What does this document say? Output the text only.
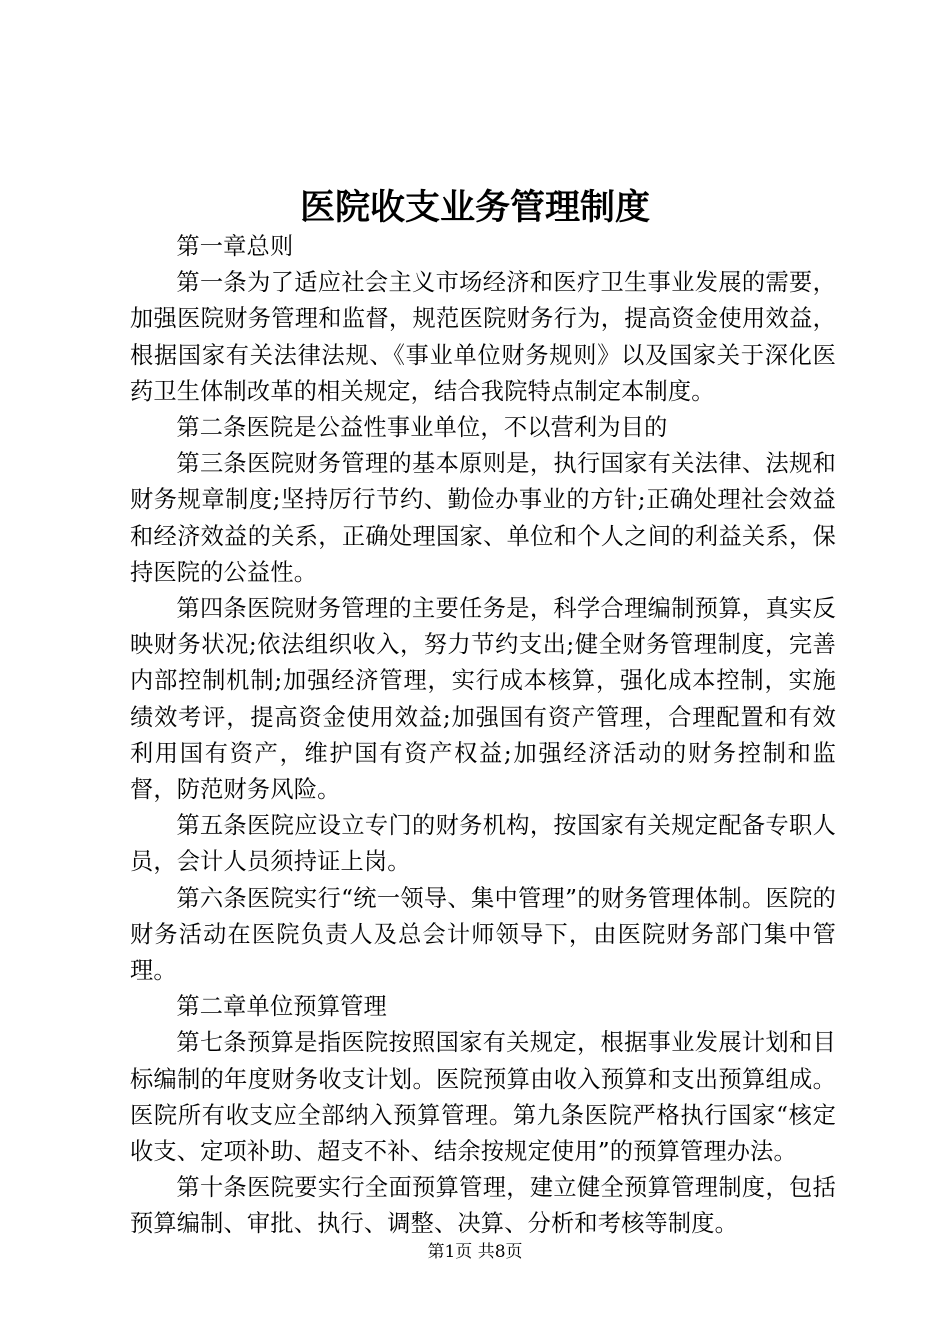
医院收支业务管理制度

第一章总则

第一条为了适应社会主义市场经济和医疗卫生事业发展的需要，加强医院财务管理和监督，规范医院财务行为，提高资金使用效益，根据国家有关法律法规、《事业单位财务规则》以及国家关于深化医药卫生体制改革的相关规定，结合我院特点制定本制度。

第二条医院是公益性事业单位，不以营利为目的

第三条医院财务管理的基本原则是，执行国家有关法律、法规和财务规章制度;坚持厉行节约、勤俭办事业的方针;正确处理社会效益和经济效益的关系，正确处理国家、单位和个人之间的利益关系，保持医院的公益性。

第四条医院财务管理的主要任务是，科学合理编制预算，真实反映财务状况;依法组织收入，努力节约支出;健全财务管理制度，完善内部控制机制;加强经济管理，实行成本核算，强化成本控制，实施绩效考评，提高资金使用效益;加强国有资产管理，合理配置和有效利用国有资产，维护国有资产权益;加强经济活动的财务控制和监督，防范财务风险。

第五条医院应设立专门的财务机构，按国家有关规定配备专职人员，会计人员须持证上岗。

第六条医院实行“统一领导、集中管理”的财务管理体制。医院的财务活动在医院负责人及总会计师领导下，由医院财务部门集中管理。

第二章单位预算管理

第七条预算是指医院按照国家有关规定，根据事业发展计划和目标编制的年度财务收支计划。医院预算由收入预算和支出预算组成。医院所有收支应全部纳入预算管理。第九条医院严格执行国家“核定收支、定项补助、超支不补、结余按规定使用”的预算管理办法。

第十条医院要实行全面预算管理，建立健全预算管理制度，包括预算编制、审批、执行、调整、决算、分析和考核等制度。

第1页 共8页
